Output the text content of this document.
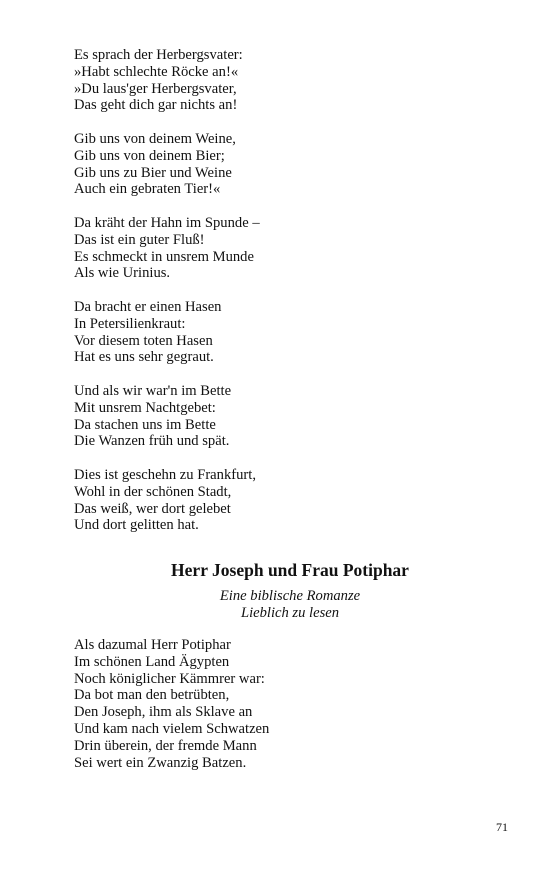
Es sprach der Herbergsvater:
»Habt schlechte Röcke an!«
»Du laus'ger Herbergsvater,
Das geht dich gar nichts an!
Gib uns von deinem Weine,
Gib uns von deinem Bier;
Gib uns zu Bier und Weine
Auch ein gebraten Tier!«
Da kräht der Hahn im Spunde –
Das ist ein guter Fluß!
Es schmeckt in unsrem Munde
Als wie Urinius.
Da bracht er einen Hasen
In Petersilienkraut:
Vor diesem toten Hasen
Hat es uns sehr gegraut.
Und als wir war'n im Bette
Mit unsrem Nachtgebet:
Da stachen uns im Bette
Die Wanzen früh und spät.
Dies ist geschehn zu Frankfurt,
Wohl in der schönen Stadt,
Das weiß, wer dort gelebet
Und dort gelitten hat.
Herr Joseph und Frau Potiphar
Eine biblische Romanze
Lieblich zu lesen
Als dazumal Herr Potiphar
Im schönen Land Ägypten
Noch königlicher Kämmrer war:
Da bot man den betrübten,
Den Joseph, ihm als Sklave an
Und kam nach vielem Schwatzen
Drin überein, der fremde Mann
Sei wert ein Zwanzig Batzen.
71
